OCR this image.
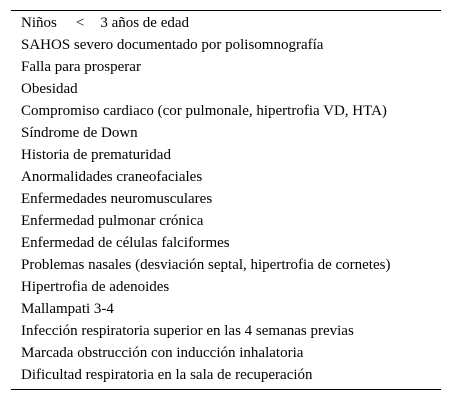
Niños < 3 años de edad
SAHOS severo documentado por polisomnografía
Falla para prosperar
Obesidad
Compromiso cardiaco (cor pulmonale, hipertrofia VD, HTA)
Síndrome de Down
Historia de prematuridad
Anormalidades craneofaciales
Enfermedades neuromusculares
Enfermedad pulmonar crónica
Enfermedad de células falciformes
Problemas nasales (desviación septal, hipertrofia de cornetes)
Hipertrofia de adenoides
Mallampati 3-4
Infección respiratoria superior en las 4 semanas previas
Marcada obstrucción con inducción inhalatoria
Dificultad respiratoria en la sala de recuperación
